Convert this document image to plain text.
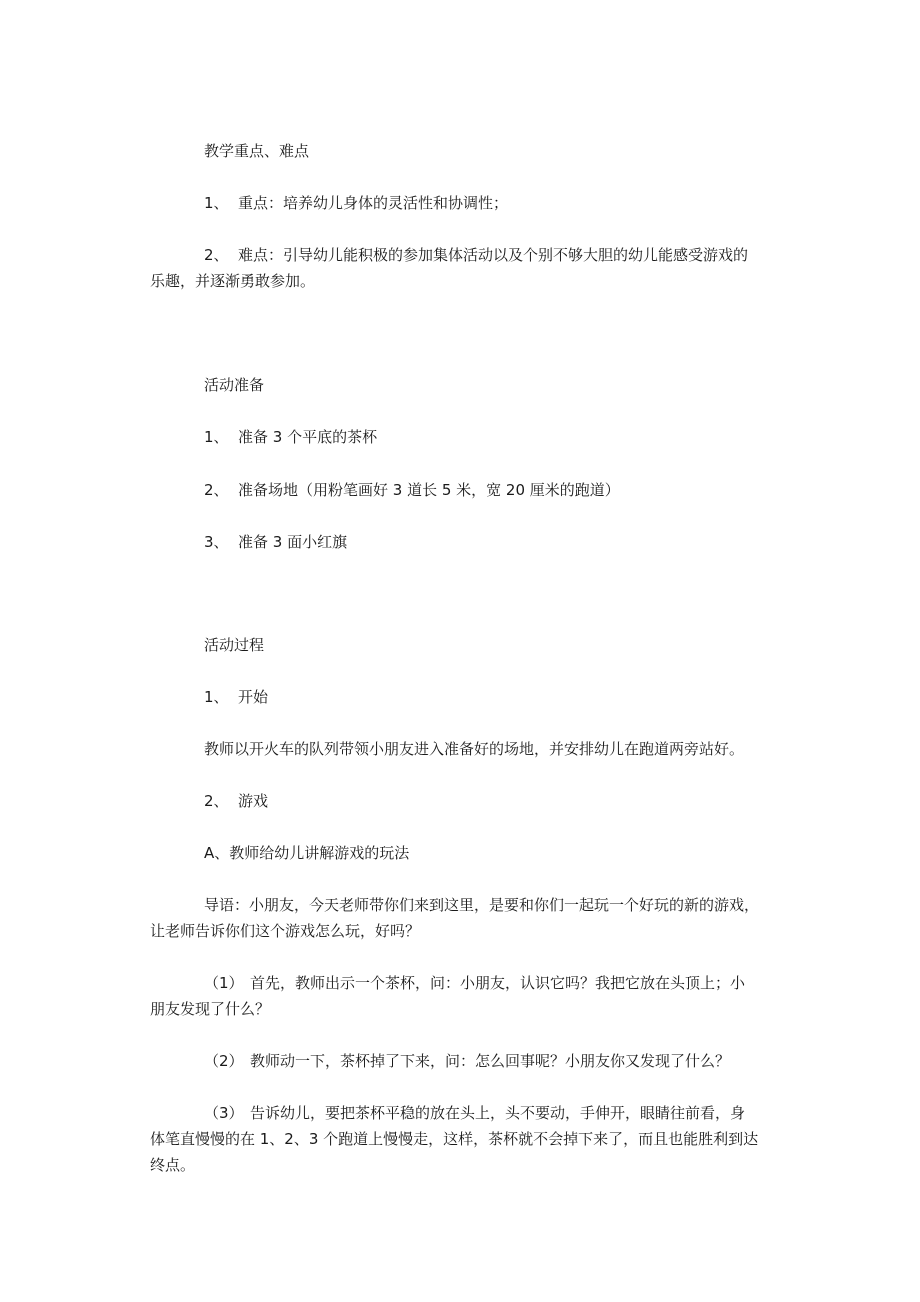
教学重点、难点
1、 重点：培养幼儿身体的灵活性和协调性；
2、 难点：引导幼儿能积极的参加集体活动以及个别不够大胆的幼儿能感受游戏的
乐趣，并逐渐勇敢参加。
活动准备
1、 准备 3 个平底的茶杯
2、 准备场地（用粉笔画好 3 道长 5 米，宽 20 厘米的跑道）
3、 准备 3 面小红旗
活动过程
1、 开始
教师以开火车的队列带领小朋友进入准备好的场地，并安排幼儿在跑道两旁站好。
2、 游戏
A、教师给幼儿讲解游戏的玩法
导语：小朋友，今天老师带你们来到这里，是要和你们一起玩一个好玩的新的游戏，
让老师告诉你们这个游戏怎么玩，好吗？
（1） 首先，教师出示一个茶杯，问：小朋友，认识它吗？我把它放在头顶上；小
朋友发现了什么？
（2） 教师动一下，茶杯掉了下来，问：怎么回事呢？小朋友你又发现了什么？
（3） 告诉幼儿，要把茶杯平稳的放在头上，头不要动，手伸开，眼睛往前看，身
体笔直慢慢的在 1、2、3 个跑道上慢慢走，这样，茶杯就不会掉下来了，而且也能胜利到达
终点。
